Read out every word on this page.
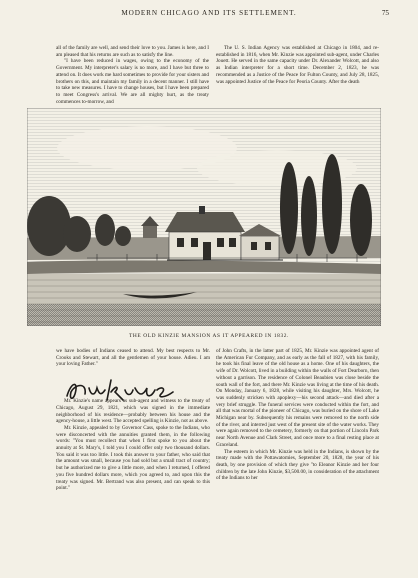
MODERN CHICAGO AND ITS SETTLEMENT.	75

all of the family are well, and send their love to you. James is here, and I am pleased that his returns are such as to satisfy the line.

"I have been reduced in wages, owing to the economy of the Government. My interpreter's salary is no more, and I have but three to attend on. It does work me hard sometimes to provide for your sisters and brothers on this, and maintain my family in a decent manner. I still have to take new measures. I have to change houses, but I have been prepared to meet Congress's arrival. We are all mighty hurt, as the treaty commences to-morrow, and

The U. S. Indian Agency was established at Chicago in 1804, and re-established in 1816, when Mr. Kinzie was appointed sub-agent, under Charles Jouett. He served in the same capacity under Dr. Alexander Wolcott, and also as Indian interpreter for a short time. December 2, 1823, he was recommended as a Justice of the Peace for Fulton County, and July 28, 1825, was appointed Justice of the Peace for Peoria County. After the death

THE OLD KINZIE MANSION AS IT APPEARED IN 1832.

we have bodies of Indians ceased to attend. My best respects to Mr. Crooks and Stewart, and all the gentlemen of your house. Adieu. I am your loving Father."

Mr. Kinzie's name appears as sub-agent and witness to the treaty of Chicago, August 29, 1821, which was signed in the immediate neighborhood of his residence—probably between his house and the agency-house, a little west. The accepted spelling is Kinzie, not as above.

Mr. Kinzie, appealed to by Governor Cass, spoke to the Indians, who were disconcerted with the annuities granted them, in the following words: "You must recollect that when I first spoke to you about the annuity at St. Mary's, I told you I could offer only two thousand dollars. You said it was too little. I took this answer to your father, who said that the amount was small, because you had sold but a small tract of country; but he authorized me to give a little more, and when I returned, I offered you five hundred dollars more, which you agreed to, and upon this the treaty was signed. Mr. Bertrand was also present, and can speak to this point."

of John Crafts, in the latter part of 1825, Mr. Kinzie was appointed agent of the American Fur Company, and as early as the fall of 1827, with his family, he took his final leave of the old house as a home. One of his daughters, the wife of Dr. Wolcott, lived in a building within the walls of Fort Dearborn, then without a garrison. The residence of Colonel Beaubien was close beside the south wall of the fort, and there Mr. Kinzie was living at the time of his death. On Monday, January 6, 1828, while visiting his daughter, Mrs. Wolcott, he was suddenly stricken with apoplexy—his second attack—and died after a very brief struggle. The funeral services were conducted within the fort, and all that was mortal of the pioneer of Chicago, was buried on the shore of Lake Michigan near by. Subsequently his remains were removed to the north side of the river, and interred just west of the present site of the water works. They were again removed to the cemetery, formerly on that portion of Lincoln Park near North Avenue and Clark Street, and once more to a final resting place at Graceland.

The esteem in which Mr. Kinzie was held in the Indians, is shown by the treaty made with the Pottawatomies, September 20, 1828, the year of his death, by one provision of which they give "to Eleanor Kinzie and her four children by the late John Kinzie, $3,500.00, in consideration of the attachment of the Indians to her
